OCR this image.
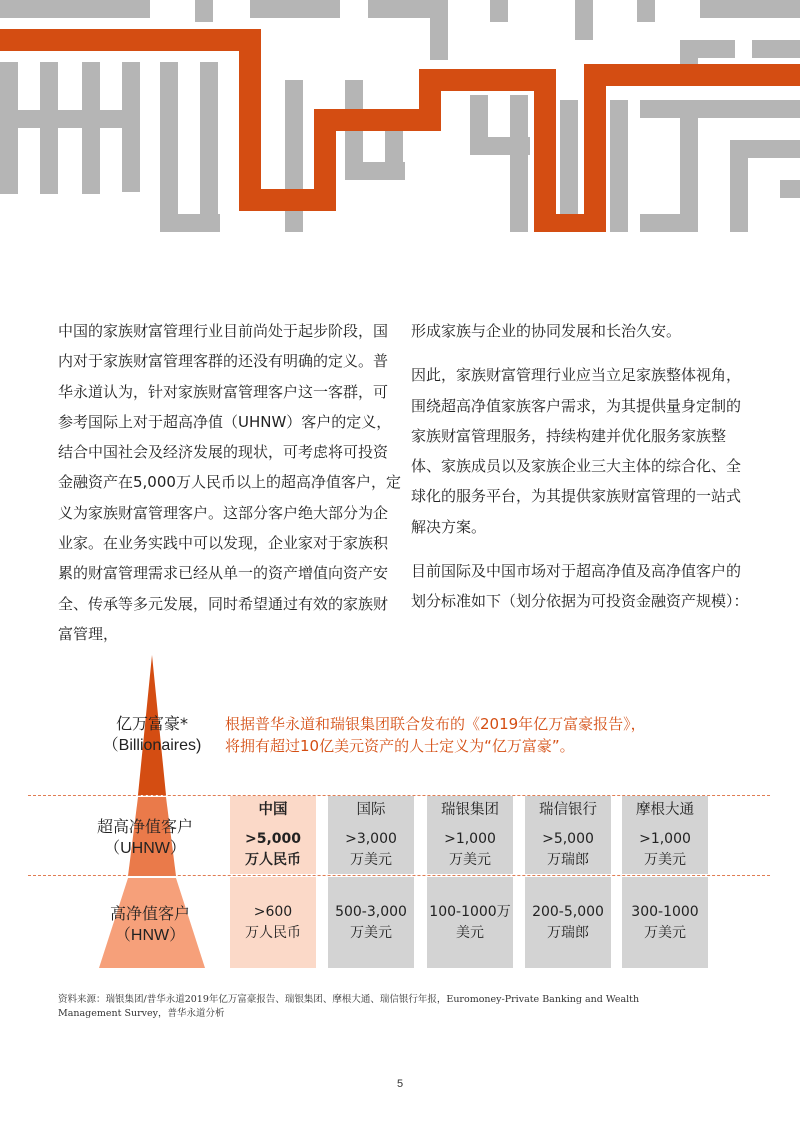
中国的家族财富管理行业目前尚处于起步阶段，国内对于家族财富管理客群的还没有明确的定义。普华永道认为，针对家族财富管理客户这一客群，可参考国际上对于超高净值（UHNW）客户的定义，结合中国社会及经济发展的现状，可考虑将可投资金融资产在5,000万人民币以上的超高净值客户，定义为家族财富管理客户。这部分客户绝大部分为企业家。在业务实践中可以发现，企业家对于家族积累的财富管理需求已经从单一的资产增值向资产安全、传承等多元发展，同时希望通过有效的家族财富管理，

形成家族与企业的协同发展和长治久安。

因此，家族财富管理行业应当立足家族整体视角，围绕超高净值家族客户需求，为其提供量身定制的家族财富管理服务，持续构建并优化服务家族整体、家族成员以及家族企业三大主体的综合化、全球化的服务平台，为其提供家族财富管理的一站式解决方案。

目前国际及中国市场对于超高净值及高净值客户的划分标准如下（划分依据为可投资金融资产规模）：

亿万富豪*
（Billionaires)
超高净值客户
（UHNW）
高净值客户
（HNW）
根据普华永道和瑞银集团联合发布的《2019年亿万富豪报告》，
将拥有超过10亿美元资产的人士定义为“亿万富豪”。
中国
>5,000
万人民币
国际
>3,000
万美元
瑞银集团
>1,000
万美元
瑞信银行
>5,000
万瑞郎
摩根大通
>1,000
万美元
>600
万人民币
500-3,000
万美元
100-1000万
美元
200-5,000
万瑞郎
300-1000
万美元
资料来源：瑞银集团/普华永道2019年亿万富豪报告、瑞银集团、摩根大通、瑞信银行年报，Euromoney-Private Banking and Wealth
Management Survey，普华永道分析
5
